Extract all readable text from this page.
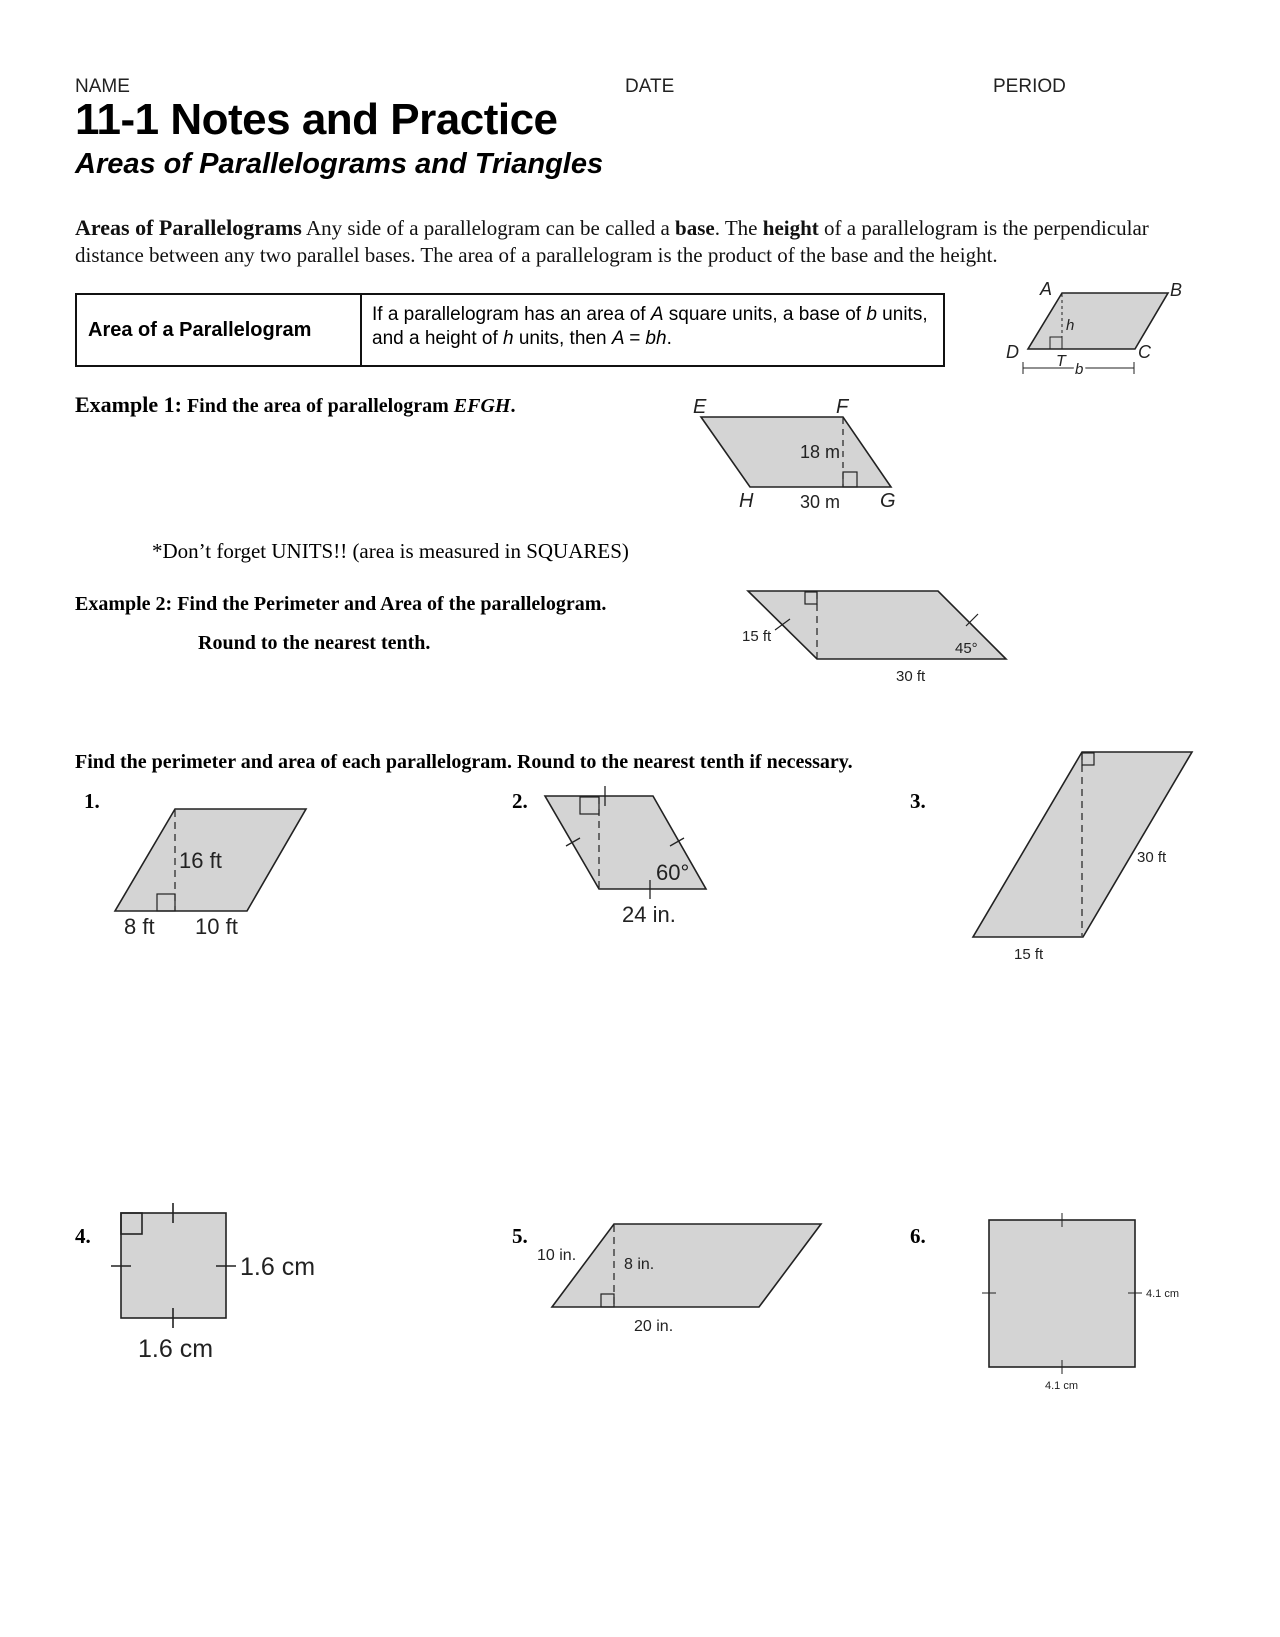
NAME	DATE	PERIOD
11-1 Notes and Practice
Areas of Parallelograms and Triangles
Areas of Parallelograms Any side of a parallelogram can be called a base. The height of a parallelogram is the perpendicular distance between any two parallel bases. The area of a parallelogram is the product of the base and the height.
Area of a Parallelogram
If a parallelogram has an area of A square units, a base of b units, and a height of h units, then A = bh.
Example 1: Find the area of parallelogram EFGH.
*Don’t forget UNITS!! (area is measured in SQUARES)
Example 2: Find the Perimeter and Area of the parallelogram.
Round to the nearest tenth.
Find the perimeter and area of each parallelogram. Round to the nearest tenth if necessary.
1.	2.	3.
4.	5.	6.
A	B
C
D T
h
b
E	F
G
H
18 m
30 m
15 ft
45°
30 ft
16 ft
8 ft 10 ft
60°
24 in.
30 ft
15 ft
1.6 cm
1.6 cm
10 in.
8 in.
20 in.
4.1 cm
4.1 cm
